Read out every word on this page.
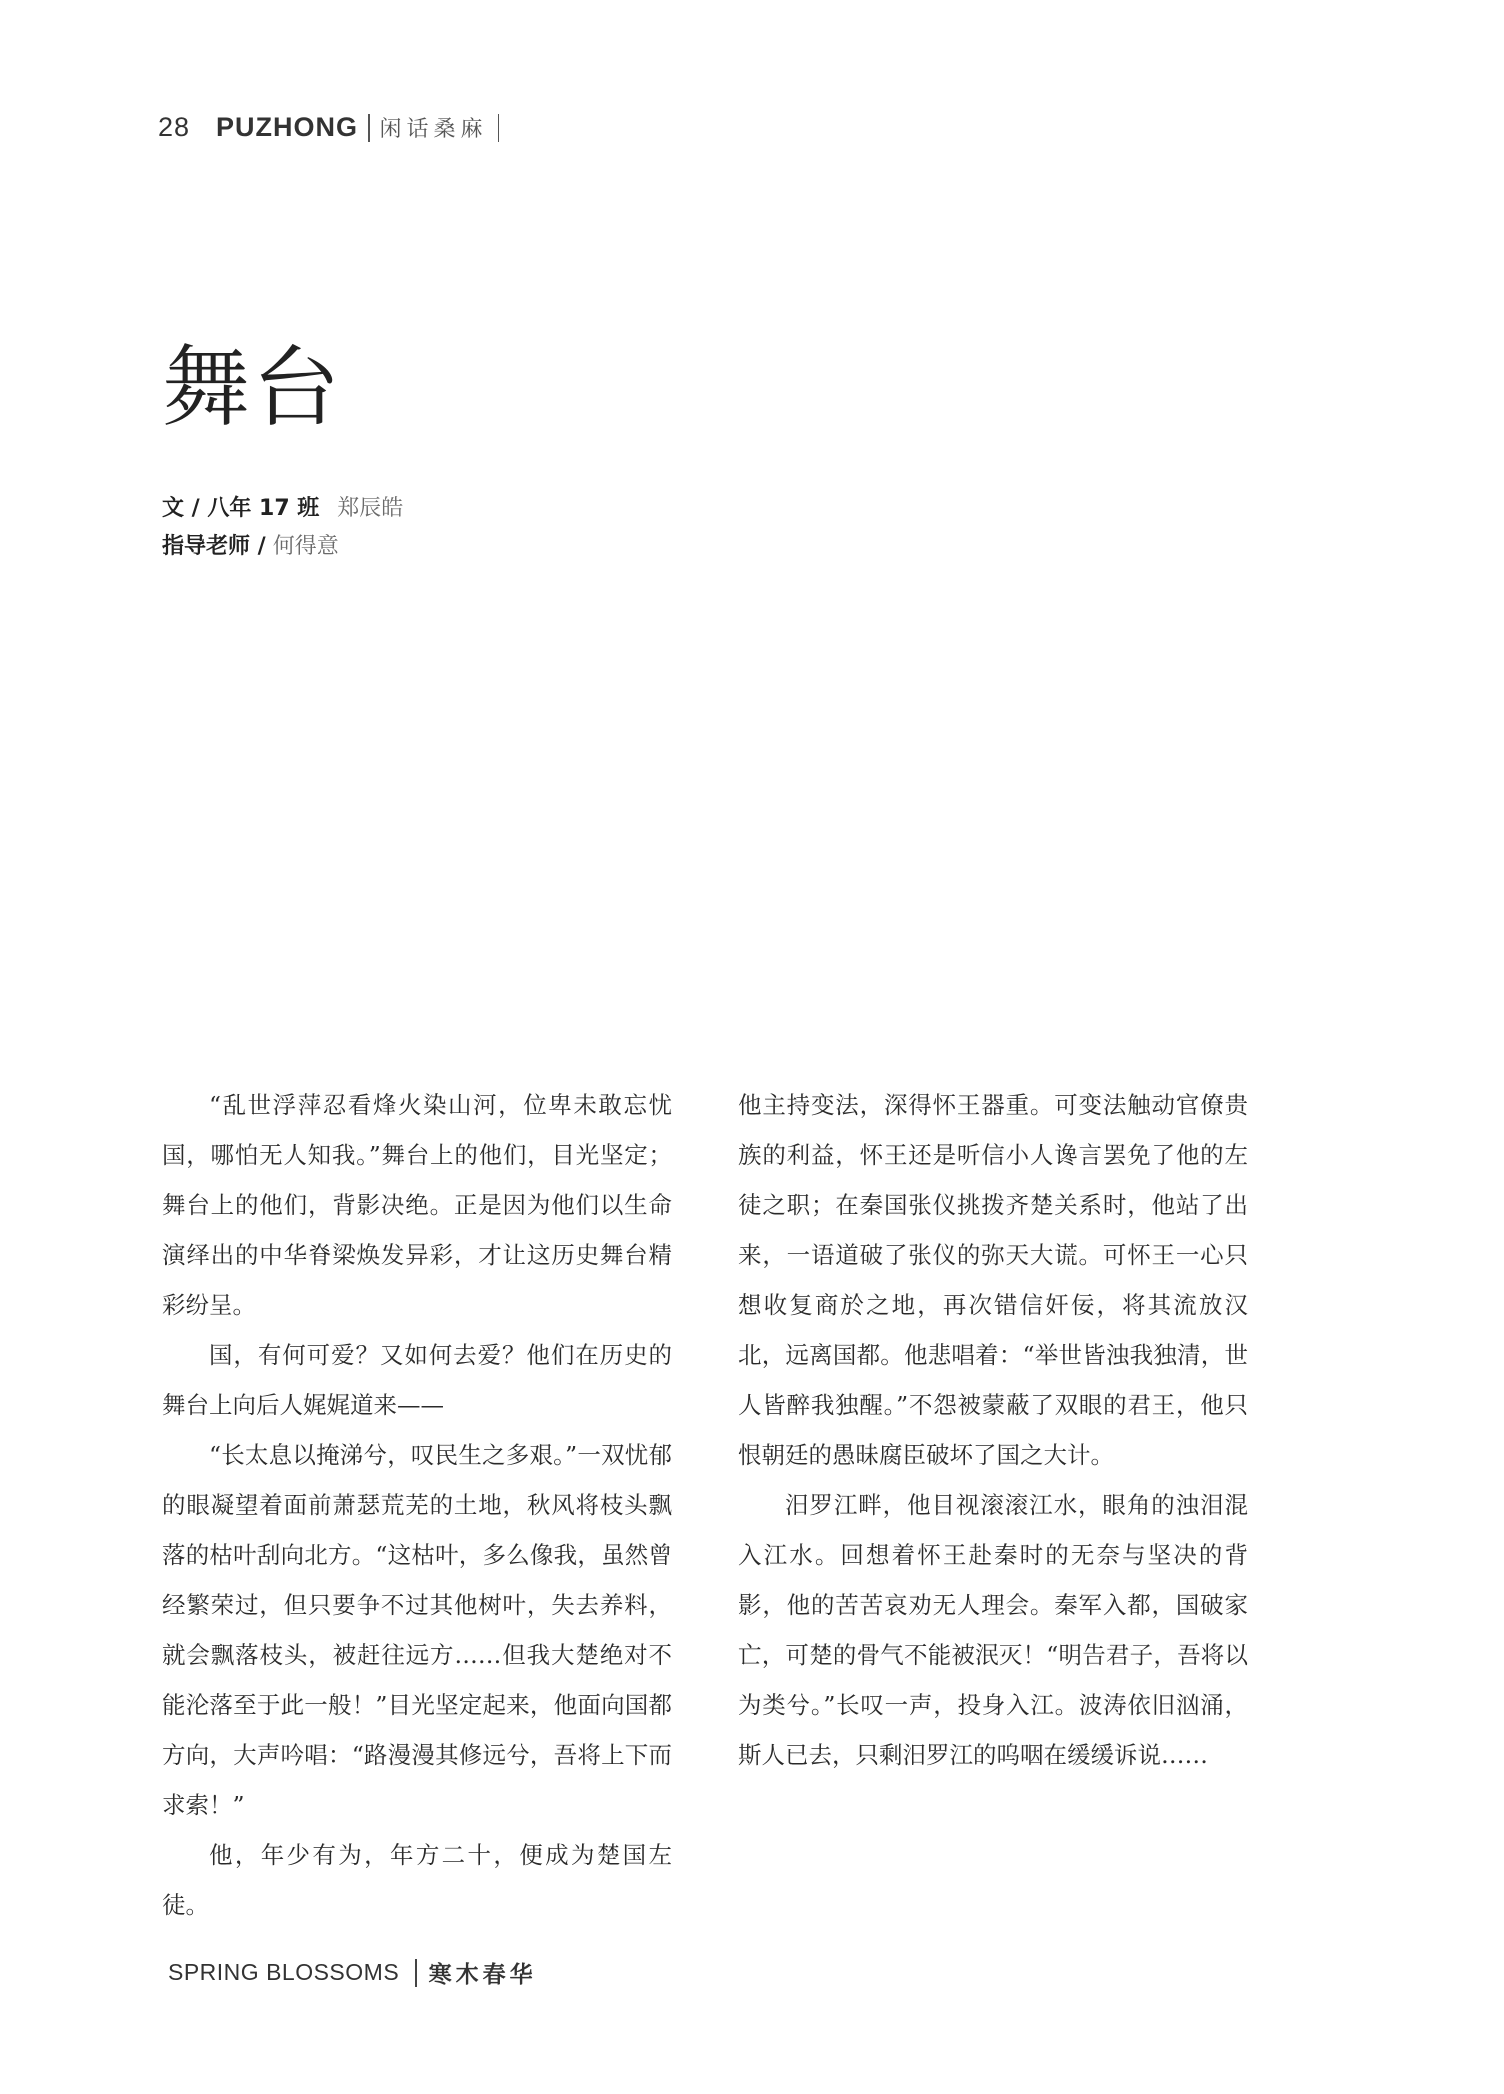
28 PUZHONG 闲话桑麻
舞台
文 / 八年 17 班 郑辰皓
指导老师 / 何得意

“乱世浮萍忍看烽火染山河，位卑未敢忘忧国，哪怕无人知我。”舞台上的他们，目光坚定；舞台上的他们，背影决绝。正是因为他们以生命演绎出的中华脊梁焕发异彩，才让这历史舞台精彩纷呈。

国，有何可爱？又如何去爱？他们在历史的舞台上向后人娓娓道来——

“长太息以掩涕兮，叹民生之多艰。”一双忧郁的眼凝望着面前萧瑟荒芜的土地，秋风将枝头飘落的枯叶刮向北方。“这枯叶，多么像我，虽然曾经繁荣过，但只要争不过其他树叶，失去养料，就会飘落枝头，被赶往远方……但我大楚绝对不能沦落至于此一般！”目光坚定起来，他面向国都方向，大声吟唱：“路漫漫其修远兮，吾将上下而求索！”

他，年少有为，年方二十，便成为楚国左徒。

他主持变法，深得怀王器重。可变法触动官僚贵族的利益，怀王还是听信小人谗言罢免了他的左徒之职；在秦国张仪挑拨齐楚关系时，他站了出来，一语道破了张仪的弥天大谎。可怀王一心只想收复商於之地，再次错信奸佞，将其流放汉北，远离国都。他悲唱着：“举世皆浊我独清，世人皆醉我独醒。”不怨被蒙蔽了双眼的君王，他只恨朝廷的愚昧腐臣破坏了国之大计。

汨罗江畔，他目视滚滚江水，眼角的浊泪混入江水。回想着怀王赴秦时的无奈与坚决的背影，他的苦苦哀劝无人理会。秦军入都，国破家亡，可楚的骨气不能被泯灭！“明告君子，吾将以为类兮。”长叹一声，投身入江。波涛依旧汹涌，斯人已去，只剩汨罗江的呜咽在缓缓诉说……

SPRING BLOSSOMS 寒木春华
